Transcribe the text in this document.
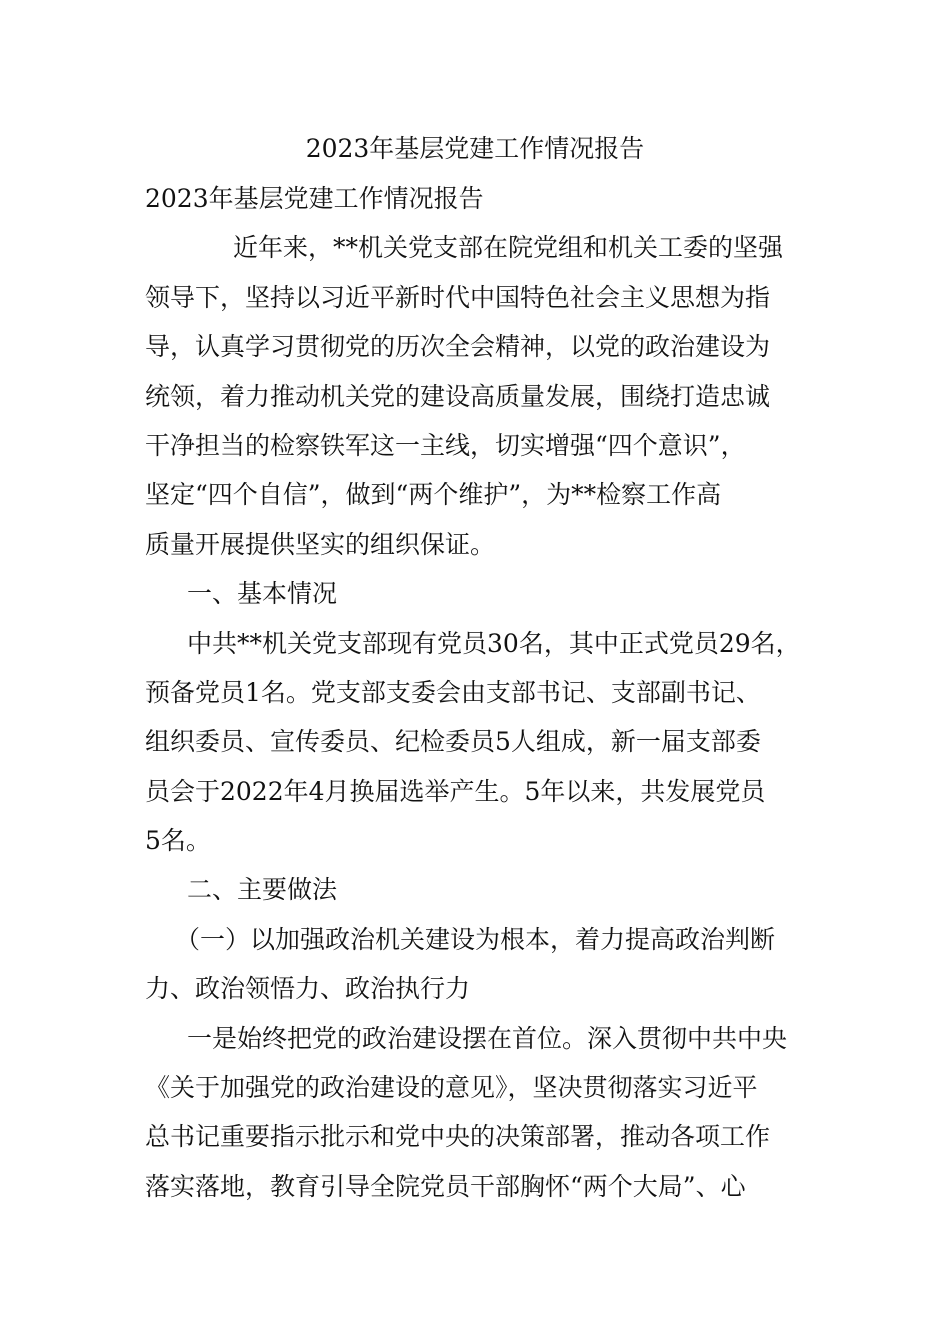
2023年基层党建工作情况报告
2023年基层党建工作情况报告
近年来，**机关党支部在院党组和机关工委的坚强
领导下，坚持以习近平新时代中国特色社会主义思想为指
导，认真学习贯彻党的历次全会精神，以党的政治建设为
统领，着力推动机关党的建设高质量发展，围绕打造忠诚
干净担当的检察铁军这一主线，切实增强“四个意识”，
坚定“四个自信”，做到“两个维护”，为**检察工作高
质量开展提供坚实的组织保证。
一、基本情况
中共**机关党支部现有党员30名，其中正式党员29名，
预备党员1名。党支部支委会由支部书记、支部副书记、
组织委员、宣传委员、纪检委员5人组成，新一届支部委
员会于2022年4月换届选举产生。5年以来，共发展党员
5名。
二、主要做法
（一）以加强政治机关建设为根本，着力提高政治判断
力、政治领悟力、政治执行力
一是始终把党的政治建设摆在首位。深入贯彻中共中央
《关于加强党的政治建设的意见》，坚决贯彻落实习近平
总书记重要指示批示和党中央的决策部署，推动各项工作
落实落地，教育引导全院党员干部胸怀“两个大局”、心
